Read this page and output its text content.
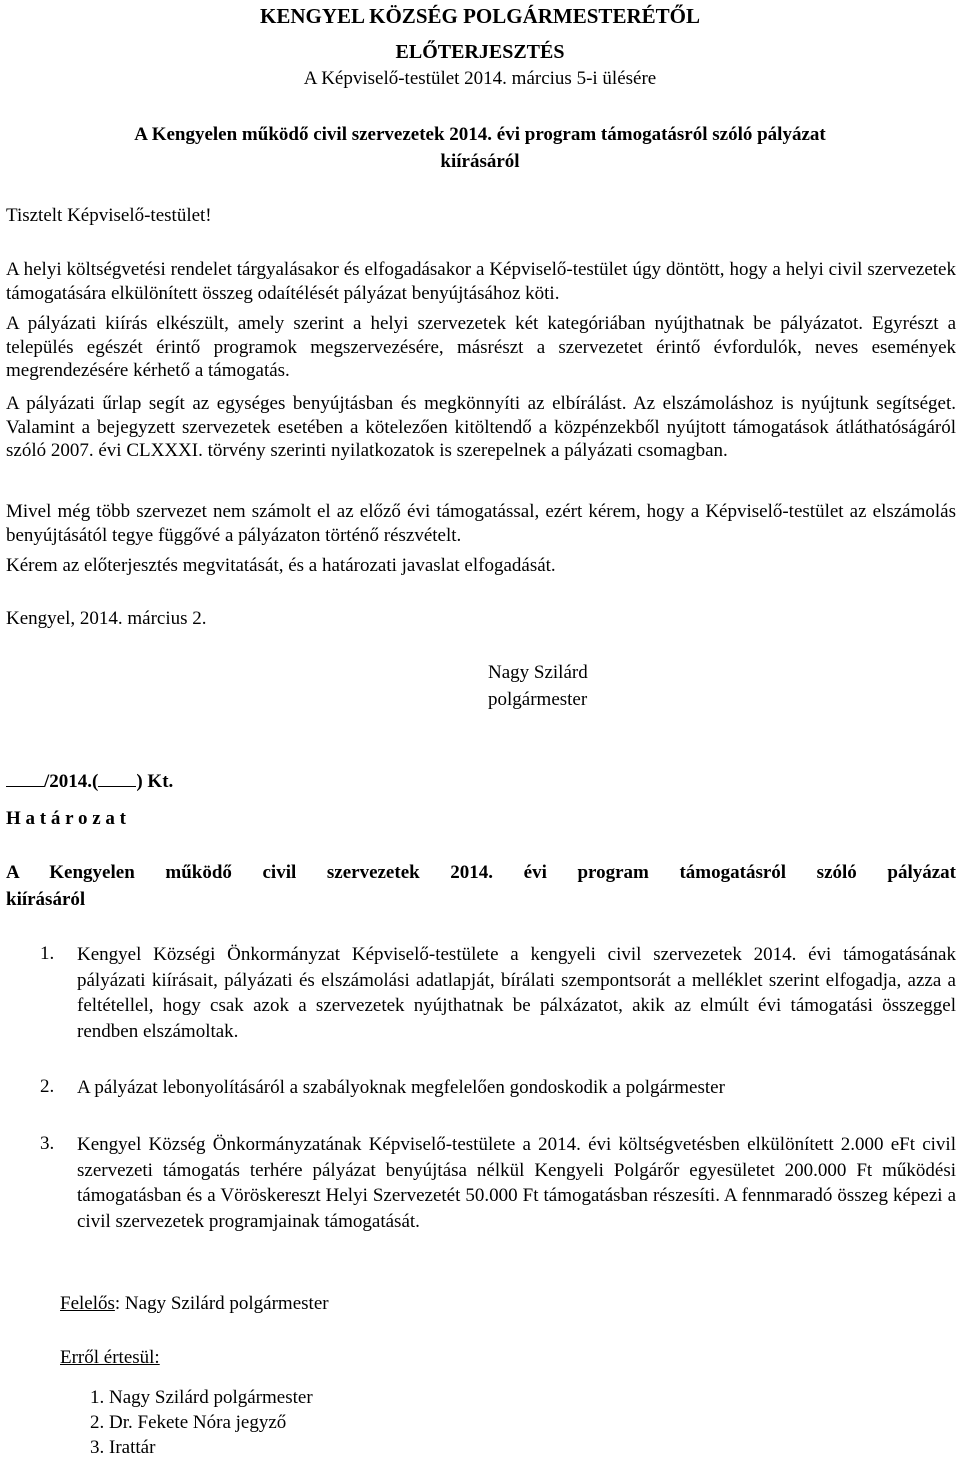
KENGYEL KÖZSÉG POLGÁRMESTERÉTŐL
ELŐTERJESZTÉS
A Képviselő-testület 2014. március 5-i ülésére
A Kengyelen működő civil szervezetek 2014. évi program támogatásról szóló pályázat
kiírásáról
Tisztelt Képviselő-testület!

A helyi költségvetési rendelet tárgyalásakor és elfogadásakor a Képviselő-testület úgy döntött, hogy a helyi civil szervezetek támogatására elkülönített összeg odaítélését pályázat benyújtásához köti.

A pályázati kiírás elkészült, amely szerint a helyi szervezetek két kategóriában nyújthatnak be pályázatot. Egyrészt a település egészét érintő programok megszervezésére, másrészt a szervezetet érintő évfordulók, neves események megrendezésére kérhető a támogatás.

A pályázati űrlap segít az egységes benyújtásban és megkönnyíti az elbírálást. Az elszámoláshoz is nyújtunk segítséget. Valamint a bejegyzett szervezetek esetében a kötelezően kitöltendő a közpénzekből nyújtott támogatások átláthatóságáról szóló 2007. évi CLXXXI. törvény szerinti nyilatkozatok is szerepelnek a pályázati csomagban.

Mivel még több szervezet nem számolt el az előző évi támogatással, ezért kérem, hogy a Képviselő-testület az elszámolás benyújtásától tegye függővé a pályázaton történő részvételt.

Kérem az előterjesztés megvitatását, és a határozati javaslat elfogadását.

Kengyel, 2014. március 2.
Nagy Szilárd
polgármester
/2014.( ) Kt.
H a t á r o z a t
A Kengyelen működő civil szervezetek 2014. évi program támogatásról szóló pályázat
kiírásáról
1. Kengyel Községi Önkormányzat Képviselő-testülete a kengyeli civil szervezetek 2014. évi támogatásának pályázati kiírásait, pályázati és elszámolási adatlapját, bírálati szempontsorát a melléklet szerint elfogadja, azza a feltétellel, hogy csak azok a szervezetek nyújthatnak be pálxázatot, akik az elmúlt évi támogatási összeggel rendben elszámoltak.

2. A pályázat lebonyolításáról a szabályoknak megfelelően gondoskodik a polgármester

3. Kengyel Község Önkormányzatának Képviselő-testülete a 2014. évi költségvetésben elkülönített 2.000 eFt civil szervezeti támogatás terhére pályázat benyújtása nélkül Kengyeli Polgárőr egyesületet 200.000 Ft működési támogatásban és a Vöröskereszt Helyi Szervezetét 50.000 Ft támogatásban részesíti. A fennmaradó összeg képezi a civil szervezetek programjainak támogatását.

Felelős: Nagy Szilárd polgármester
Erről értesül:
1. Nagy Szilárd polgármester
2. Dr. Fekete Nóra jegyző
3. Irattár
